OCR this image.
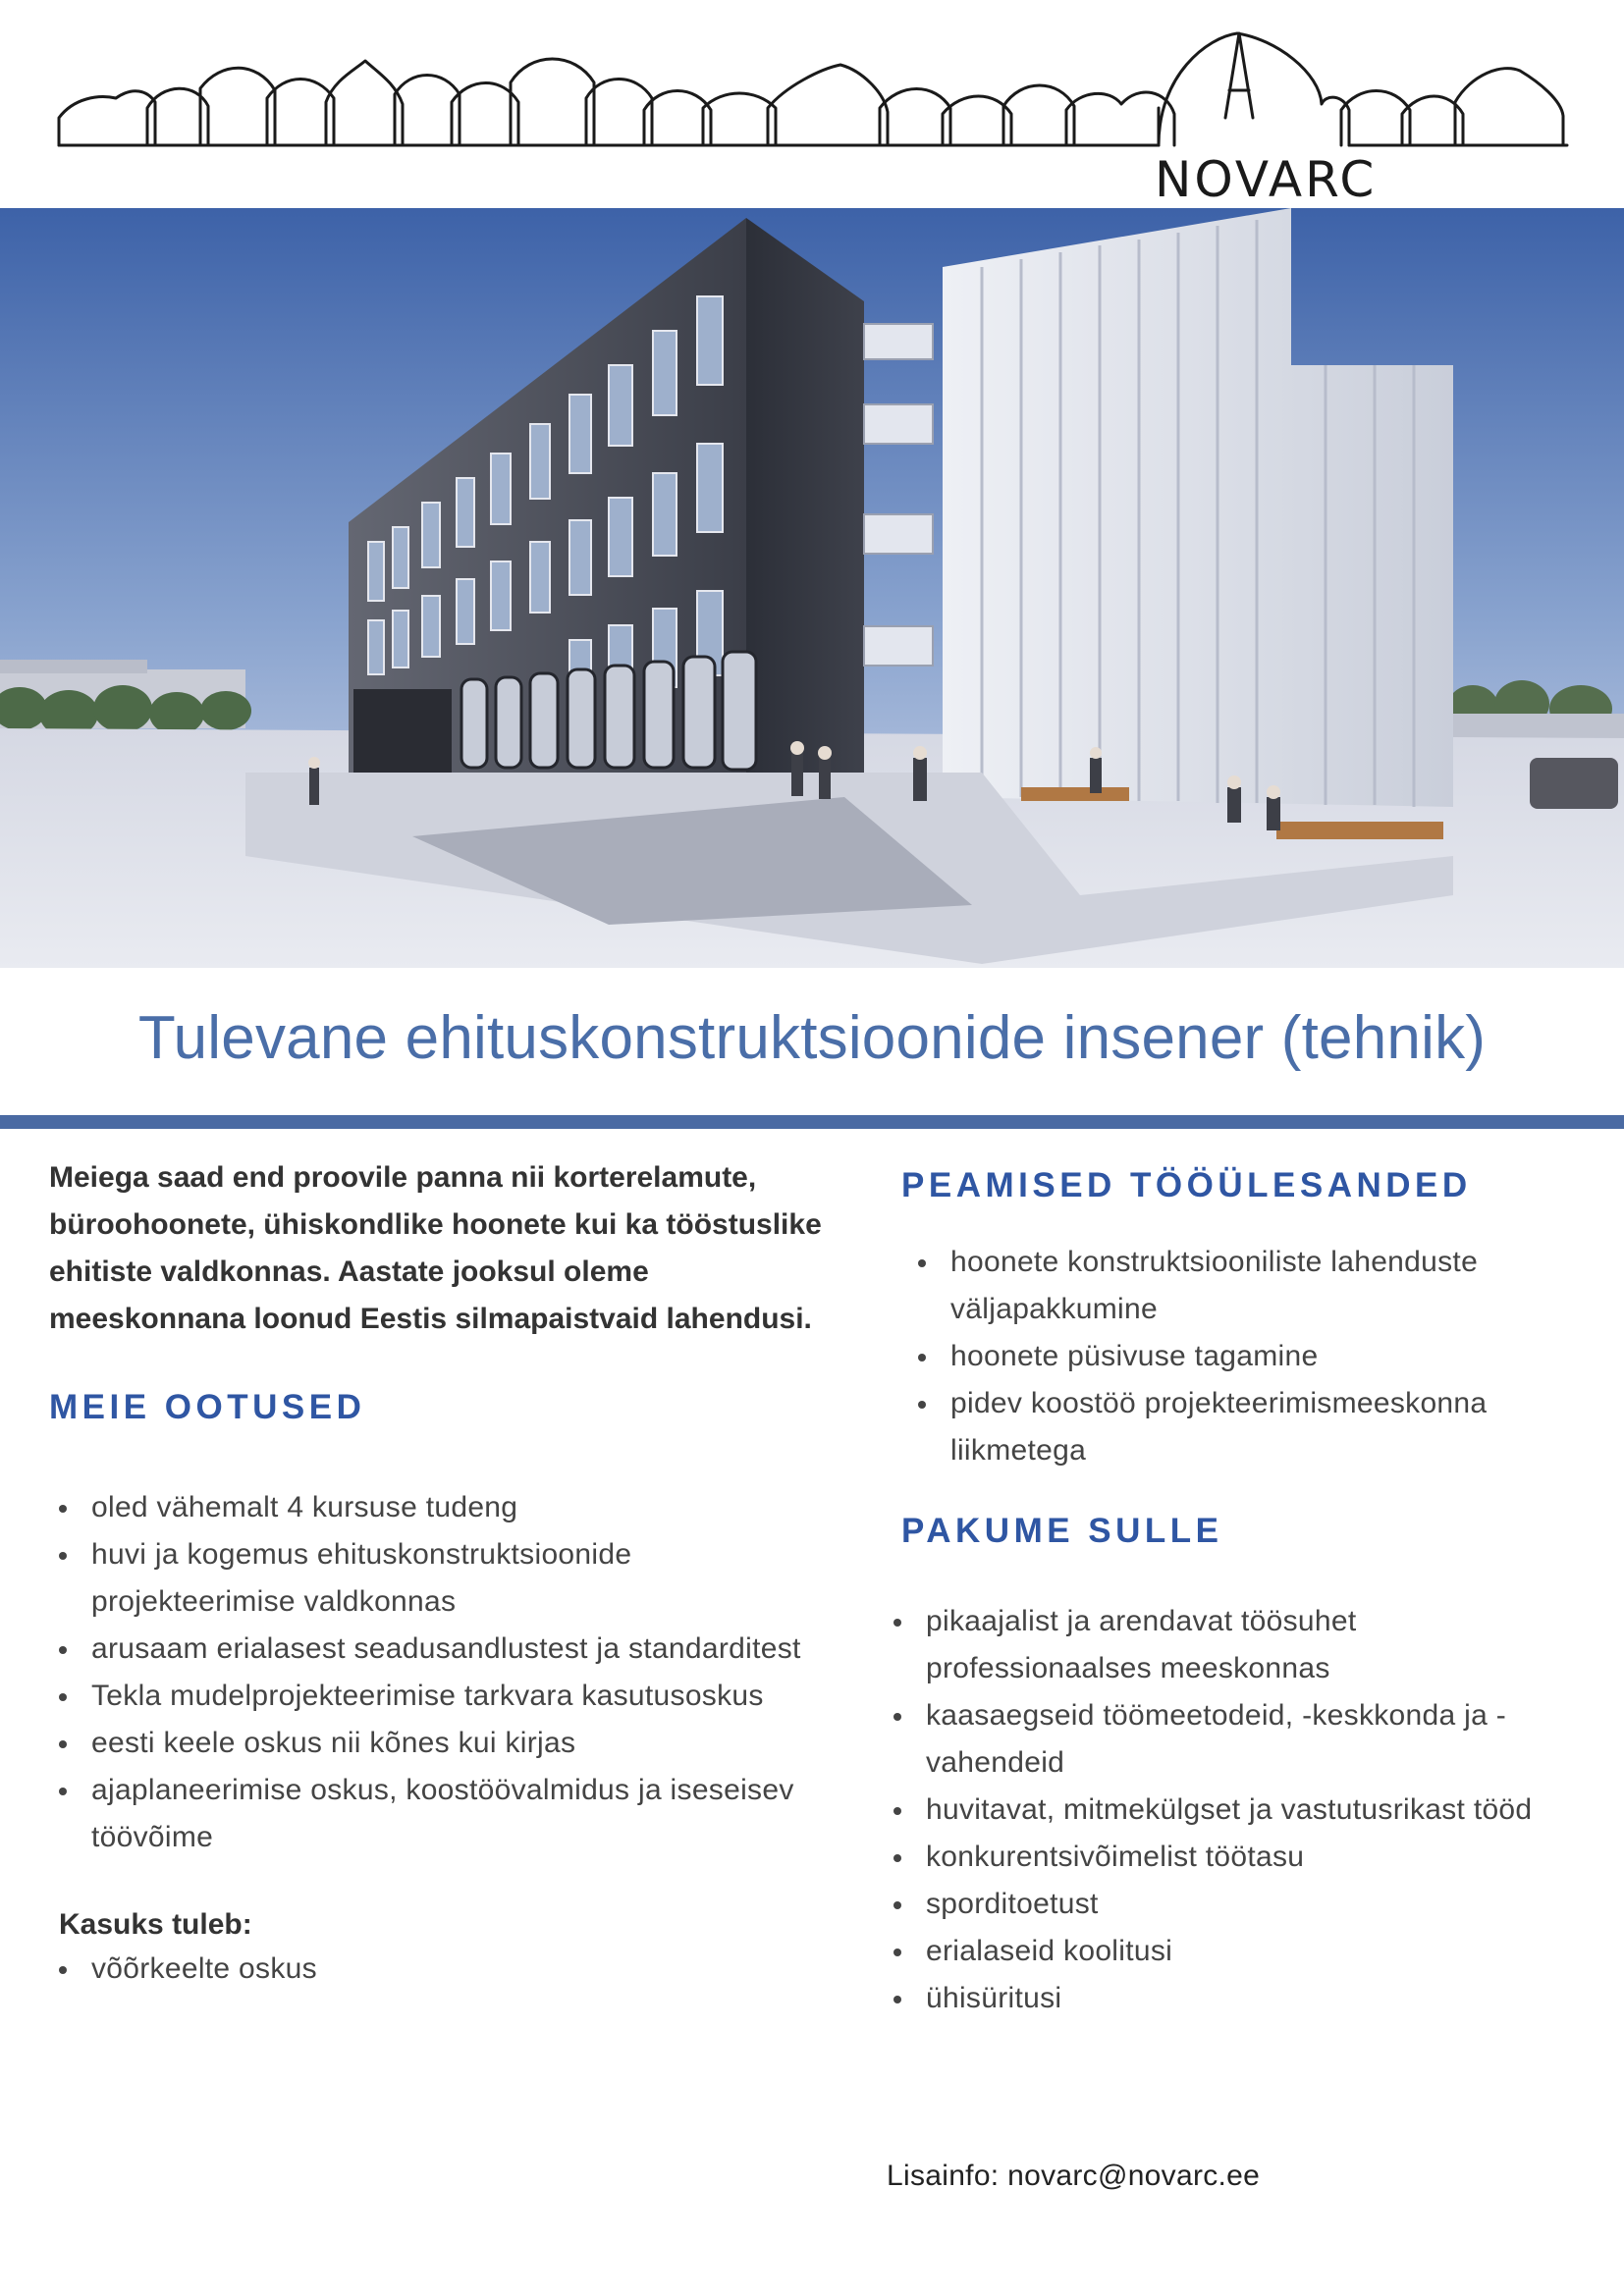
NOVARC
Tulevane ehituskonstruktsioonide insener (tehnik)

Meiega saad end proovile panna nii korterelamute, büroohoonete, ühiskondlike hoonete kui ka tööstuslike ehitiste valdkonnas. Aastate jooksul oleme meeskonnana loonud Eestis silmapaistvaid lahendusi.

MEIE OOTUSED
oled vähemalt 4 kursuse tudeng
huvi ja kogemus ehituskonstruktsioonide projekteerimise valdkonnas
arusaam erialasest seadusandlustest ja standarditest
Tekla mudelprojekteerimise tarkvara kasutusoskus
eesti keele oskus nii kõnes kui kirjas
ajaplaneerimise oskus, koostöövalmidus ja iseseisev töövõime

Kasuks tuleb:

võõrkeelte oskus
PEAMISED TÖÖÜLESANDED
hoonete konstruktsiooniliste lahenduste väljapakkumine
hoonete püsivuse tagamine
pidev koostöö projekteerimismeeskonna liikmetega
PAKUME SULLE
pikaajalist ja arendavat töösuhet professionaalses meeskonnas
kaasaegseid töömeetodeid, -keskkonda ja -vahendeid
huvitavat, mitmekülgset ja vastutusrikast tööd
konkurentsivõimelist töötasu
sporditoetust
erialaseid koolitusi
ühisüritusi
Lisainfo: novarc@novarc.ee
